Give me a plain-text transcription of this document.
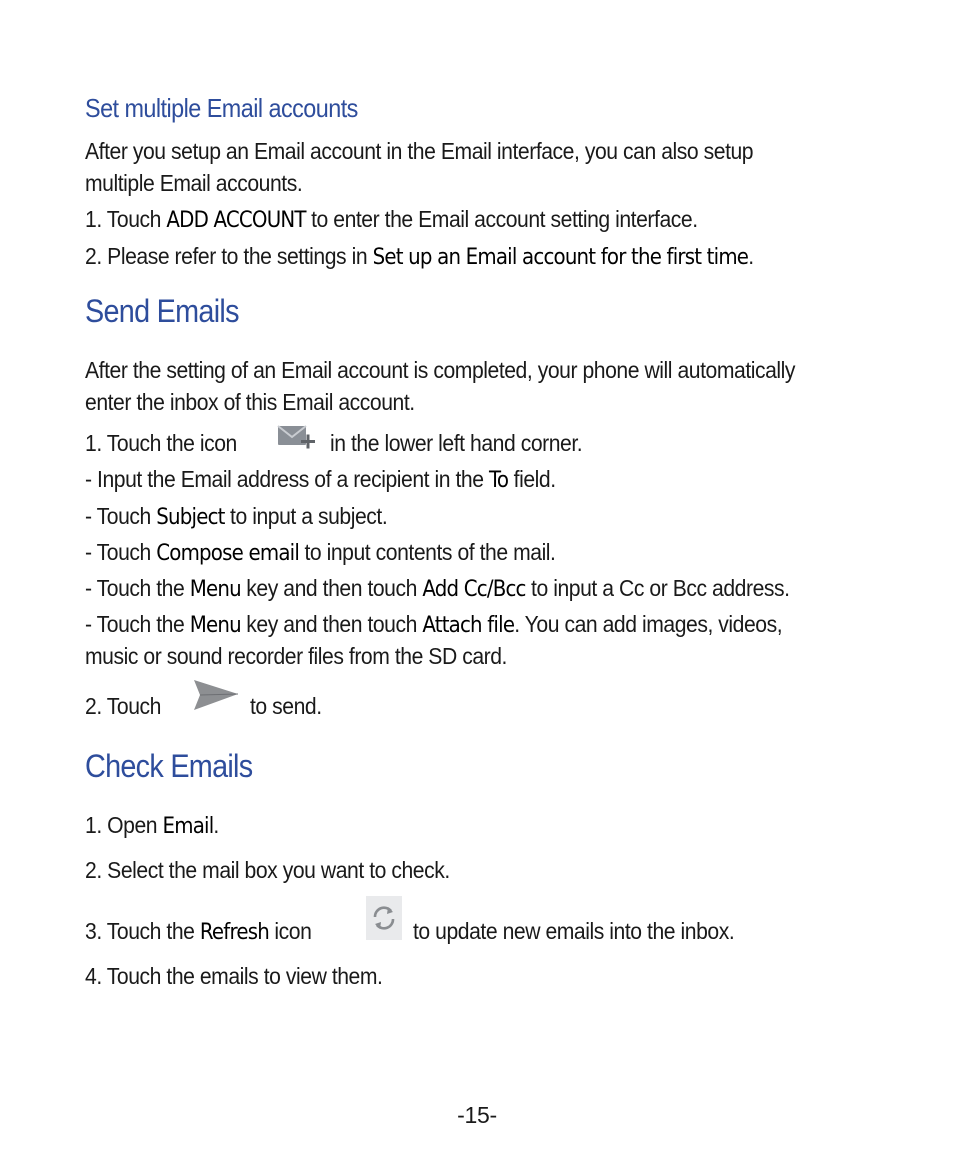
Set multiple Email accounts
After you setup an Email account in the Email interface, you can also setup
multiple Email accounts.
1. Touch ADD ACCOUNT to enter the Email account setting interface.
2. Please refer to the settings in Set up an Email account for the first time.
Send Emails
After the setting of an Email account is completed, your phone will automatically
enter the inbox of this Email account.
1. Touch the icon	in the lower left hand corner.
- Input the Email address of a recipient in the To field.
- Touch Subject to input a subject.
- Touch Compose email to input contents of the mail.
- Touch the Menu key and then touch Add Cc/Bcc to input a Cc or Bcc address.
- Touch the Menu key and then touch Attach file. You can add images, videos,
music or sound recorder files from the SD card.
2. Touch	to send.
Check Emails
1. Open Email.
2. Select the mail box you want to check.
3. Touch the Refresh icon	to update new emails into the inbox.
4. Touch the emails to view them.
-15-
